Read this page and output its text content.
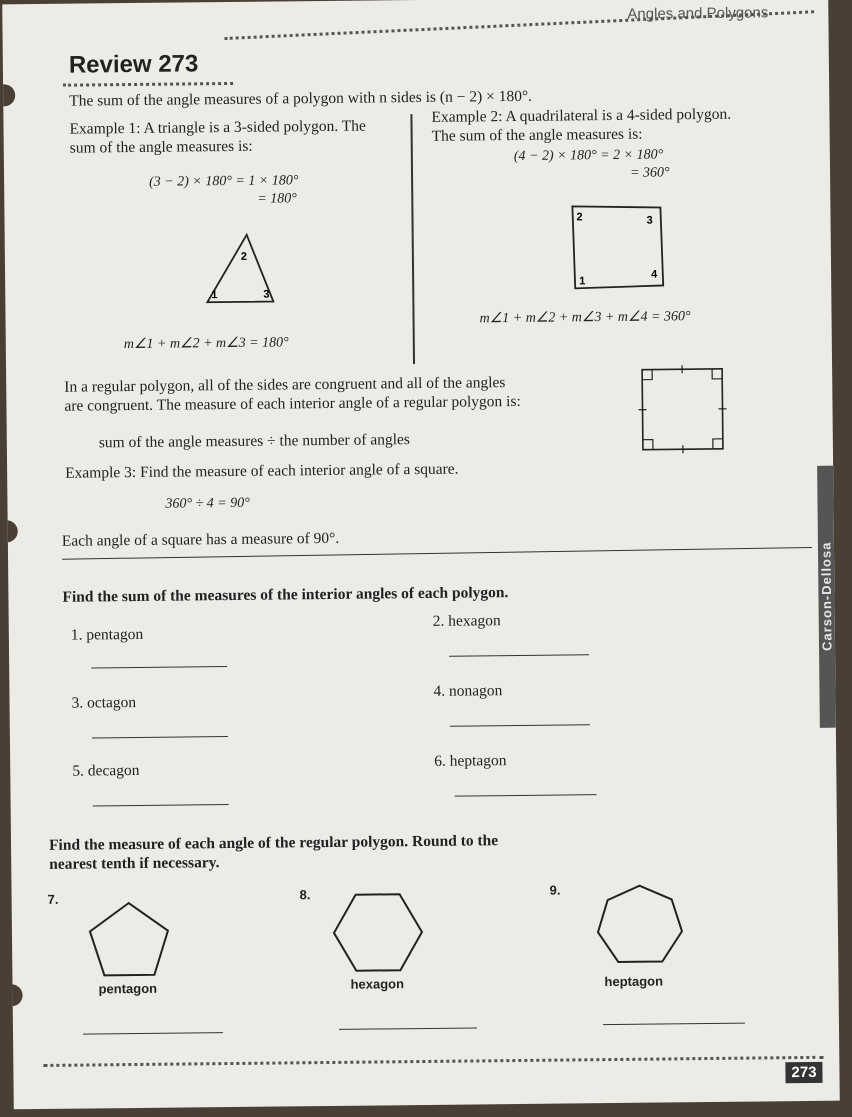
Angles and Polygons
Review 273
The sum of the angle measures of a polygon with n sides is (n − 2) × 180°.
Example 1: A triangle is a 3-sided polygon. The
sum of the angle measures is:
(3 − 2) × 180° = 1 × 180°
= 180°
2
1	3
m∠1 + m∠2 + m∠3 = 180°
Example 2: A quadrilateral is a 4-sided polygon.
The sum of the angle measures is:
(4 − 2) × 180° = 2 × 180°
= 360°
2	3
1
4
m∠1 + m∠2 + m∠3 + m∠4 = 360°
In a regular polygon, all of the sides are congruent and all of the angles
are congruent. The measure of each interior angle of a regular polygon is:
sum of the angle measures ÷ the number of angles
Example 3: Find the measure of each interior angle of a square.
360° ÷ 4 = 90°
Each angle of a square has a measure of 90°.
Find the sum of the measures of the interior angles of each polygon.
1. pentagon
2. hexagon
3. octagon
4. nonagon
5. decagon
6. heptagon
Find the measure of each angle of the regular polygon. Round to the
nearest tenth if necessary.
7.
pentagon
8.
hexagon
9.
heptagon
273
Carson-Dellosa
